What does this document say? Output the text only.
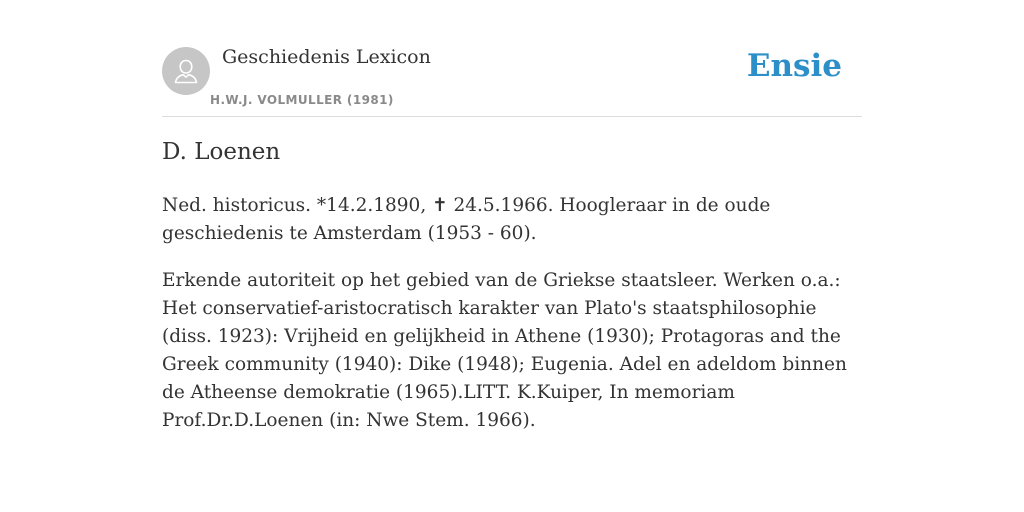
Geschiedenis Lexicon
H.W.J. VOLMULLER (1981)
Ensie
D. Loenen

Ned. historicus. *14.2.1890, ✝ 24.5.1966. Hoogleraar in de oude geschiedenis te Amsterdam (1953 - 60).

Erkende autoriteit op het gebied van de Griekse staatsleer. Werken o.a.: Het conservatief-aristocratisch karakter van Plato's staatsphilosophie (diss. 1923): Vrijheid en gelijkheid in Athene (1930); Protagoras and the Greek community (1940): Dike (1948); Eugenia. Adel en adeldom binnen de Atheense demokratie (1965).LITT. K.Kuiper, In memoriam Prof.Dr.D.Loenen (in: Nwe Stem. 1966).
